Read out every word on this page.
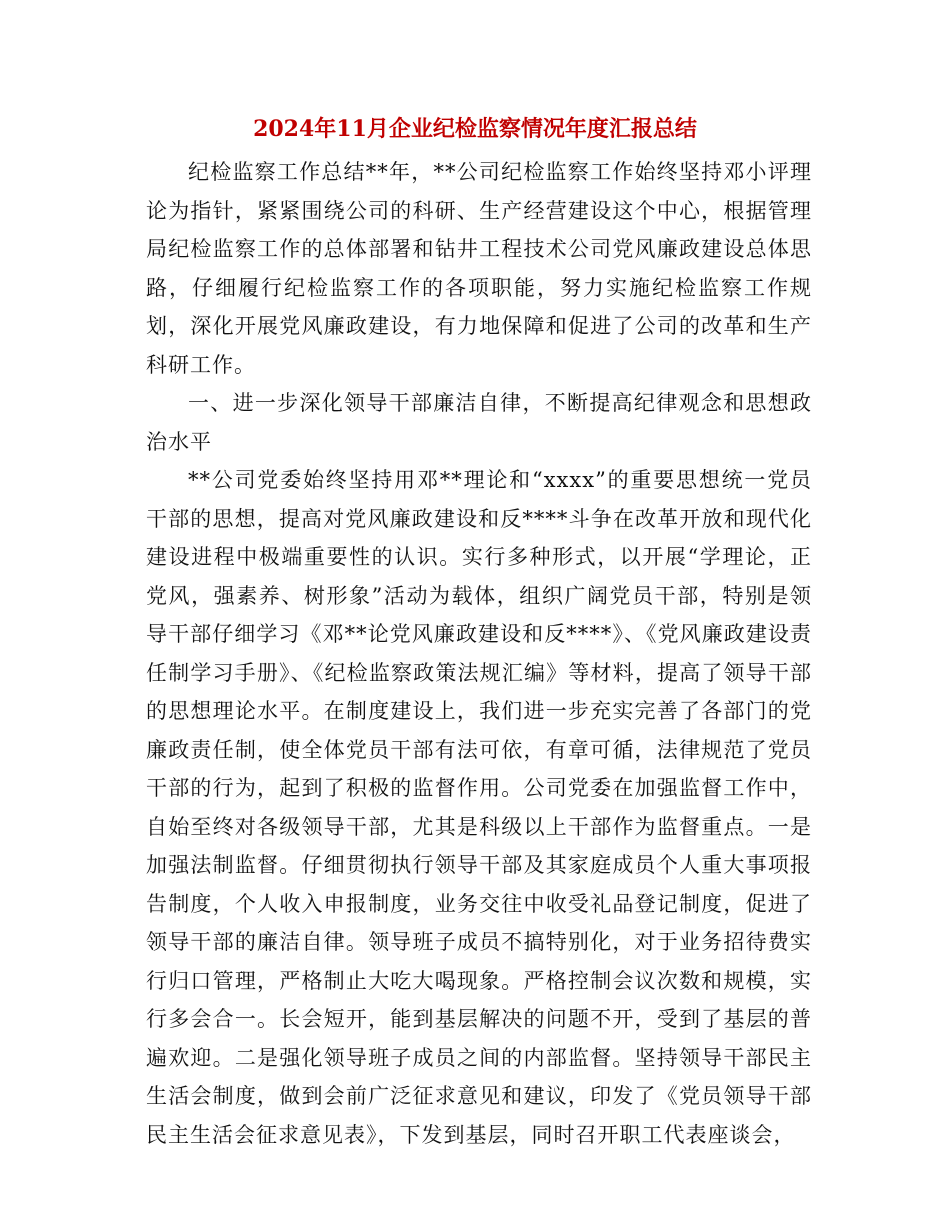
2024年11月企业纪检监察情况年度汇报总结

纪检监察工作总结**年，**公司纪检监察工作始终坚持邓小评理论为指针，紧紧围绕公司的科研、生产经营建设这个中心，根据管理局纪检监察工作的总体部署和钻井工程技术公司党风廉政建设总体思路，仔细履行纪检监察工作的各项职能，努力实施纪检监察工作规划，深化开展党风廉政建设，有力地保障和促进了公司的改革和生产科研工作。

一、进一步深化领导干部廉洁自律，不断提高纪律观念和思想政治水平

**公司党委始终坚持用邓**理论和“xxxx”的重要思想统一党员干部的思想，提高对党风廉政建设和反****斗争在改革开放和现代化建设进程中极端重要性的认识。实行多种形式，以开展“学理论，正党风，强素养、树形象”活动为载体，组织广阔党员干部，特别是领导干部仔细学习《邓**论党风廉政建设和反****》、《党风廉政建设责任制学习手册》、《纪检监察政策法规汇编》等材料，提高了领导干部的思想理论水平。在制度建设上，我们进一步充实完善了各部门的党廉政责任制，使全体党员干部有法可依，有章可循，法律规范了党员干部的行为，起到了积极的监督作用。公司党委在加强监督工作中，自始至终对各级领导干部，尤其是科级以上干部作为监督重点。一是加强法制监督。仔细贯彻执行领导干部及其家庭成员个人重大事项报告制度，个人收入申报制度，业务交往中收受礼品登记制度，促进了领导干部的廉洁自律。领导班子成员不搞特别化，对于业务招待费实行归口管理，严格制止大吃大喝现象。严格控制会议次数和规模，实行多会合一。长会短开，能到基层解决的问题不开，受到了基层的普遍欢迎。二是强化领导班子成员之间的内部监督。坚持领导干部民主生活会制度，做到会前广泛征求意见和建议，印发了《党员领导干部民主生活会征求意见表》，下发到基层，同时召开职工代表座谈会，
